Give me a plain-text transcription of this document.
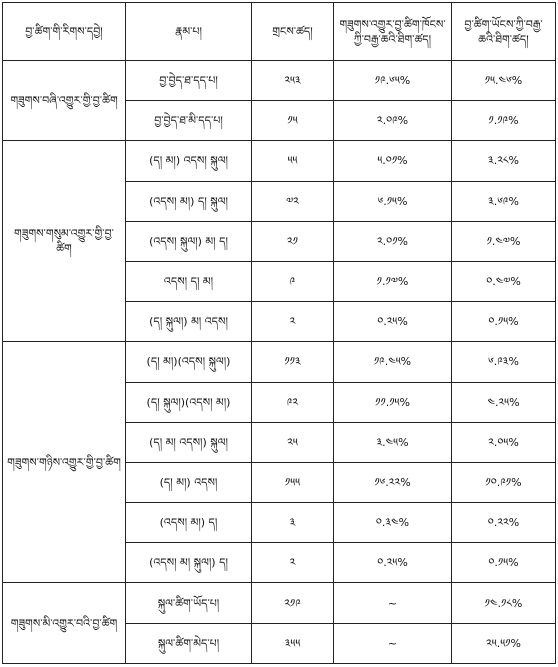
བྱ་ཚིག་གི་རིགས་དབྱེ།	རྣམ་པ།	གྲངས་ཚད།	གཟུགས་འགྱུར་བྱ་ཚིག་ཁོངས་ཀྱི་བརྒྱ་ཆའི་ཐིག་ཚད།	བྱ་ཚིག་ཡོངས་ཀྱི་བརྒྱ་ཆའི་ཐིག་ཚད།
གཟུགས་བཞི་འགྱུར་གྱི་བྱ་ཚིག	བྱ་བྱེད་ཐ་དད་པ།	༢༥༣	༡༩.༦༥%	༡༥.༤༦%
	བྱ་བྱེད་ཐ་མི་དད་པ།	༡༥	༢.༠༩%	༡.༡༩%
གཟུགས་གསུམ་འགྱུར་གྱི་བྱ་ཚིག	(ད། མ།) འདས། སྐུལ།	༥༥	༥.༠༡%	༣.༢༨%
	(འདས། མ།) ད། སྐུལ།	༧༢	༦.༡༥%	༣.༦༩%
	(འདས། སྐུལ།) མ། ད།	༢༡	༢.༠༡%	༡.༤༧%
	འདས། ད། མ།	༩	༡.༡༧%	༠.༤༧%
	(ད། སྐུལ།) མ། འདས།	༢	༠.༢༥%	༠.༡༥%
གཟུགས་གཉིས་འགྱུར་གྱི་བྱ་ཚིག	(ད། མ།)(འདས། སྐུལ།)	༡༡༣	༡༩.༤༥%	༦.༩༣%
	(ད། སྐུལ།)(འདས། མ།)	༩༢	༡༡.༡༥%	༤.༢༥%
	(ད། མ། འདས།) སྐུལ།	༢༥	༣.༤༥%	༢.༠༥%
	(ད། མ།) འདས།	༡༥༥	༡༦.༢༢%	༡༠.༩༡%
	(འདས། མ།) ད།	༣	༠.༣༤%	༠.༢༢%
	(འདས། མ། སྐུལ།) ད།	༢	༠.༢༥%	༠.༡༥%
གཟུགས་མི་འགྱུར་བའི་བྱ་ཚིག	སྐུལ་ཚིག་ཡོད་པ།	༢༡༩	~	༡༤.༡༨%
	སྐུལ་ཚིག་མེད་པ།	༣༥༥	~	༢༥.༥༡%
